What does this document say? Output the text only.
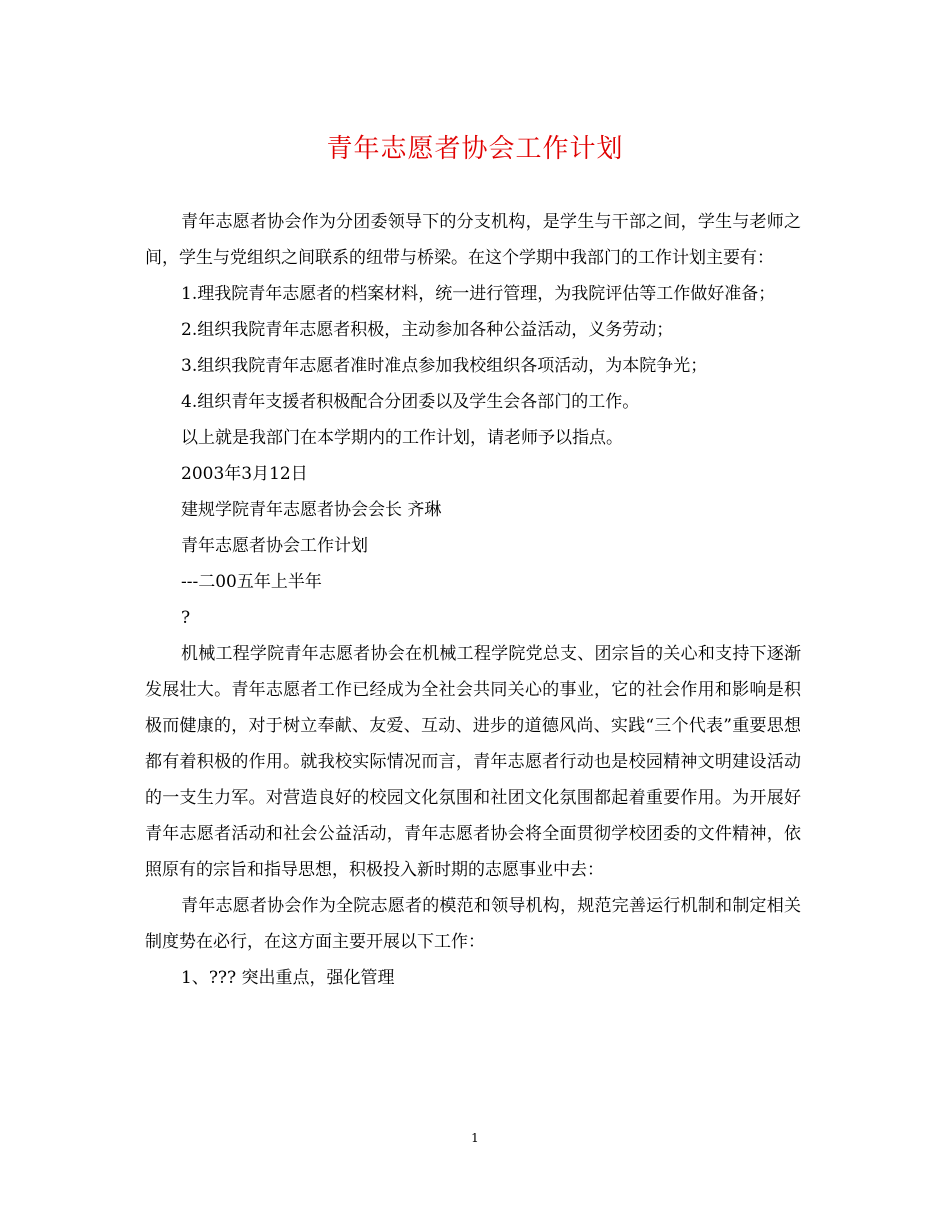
青年志愿者协会工作计划

青年志愿者协会作为分团委领导下的分支机构，是学生与干部之间，学生与老师之间，学生与党组织之间联系的纽带与桥梁。在这个学期中我部门的工作计划主要有：

1.理我院青年志愿者的档案材料，统一进行管理，为我院评估等工作做好准备；

2.组织我院青年志愿者积极，主动参加各种公益活动，义务劳动；

3.组织我院青年志愿者准时准点参加我校组织各项活动，为本院争光；

4.组织青年支援者积极配合分团委以及学生会各部门的工作。

以上就是我部门在本学期内的工作计划，请老师予以指点。

2003年3月12日

建规学院青年志愿者协会会长 齐琳

青年志愿者协会工作计划

---二00五年上半年

?

机械工程学院青年志愿者协会在机械工程学院党总支、团宗旨的关心和支持下逐渐发展壮大。青年志愿者工作已经成为全社会共同关心的事业，它的社会作用和影响是积极而健康的，对于树立奉献、友爱、互动、进步的道德风尚、实践“三个代表”重要思想都有着积极的作用。就我校实际情况而言，青年志愿者行动也是校园精神文明建设活动的一支生力军。对营造良好的校园文化氛围和社团文化氛围都起着重要作用。为开展好青年志愿者活动和社会公益活动，青年志愿者协会将全面贯彻学校团委的文件精神，依照原有的宗旨和指导思想，积极投入新时期的志愿事业中去：

青年志愿者协会作为全院志愿者的模范和领导机构，规范完善运行机制和制定相关制度势在必行，在这方面主要开展以下工作：

1、??? 突出重点，强化管理

1
